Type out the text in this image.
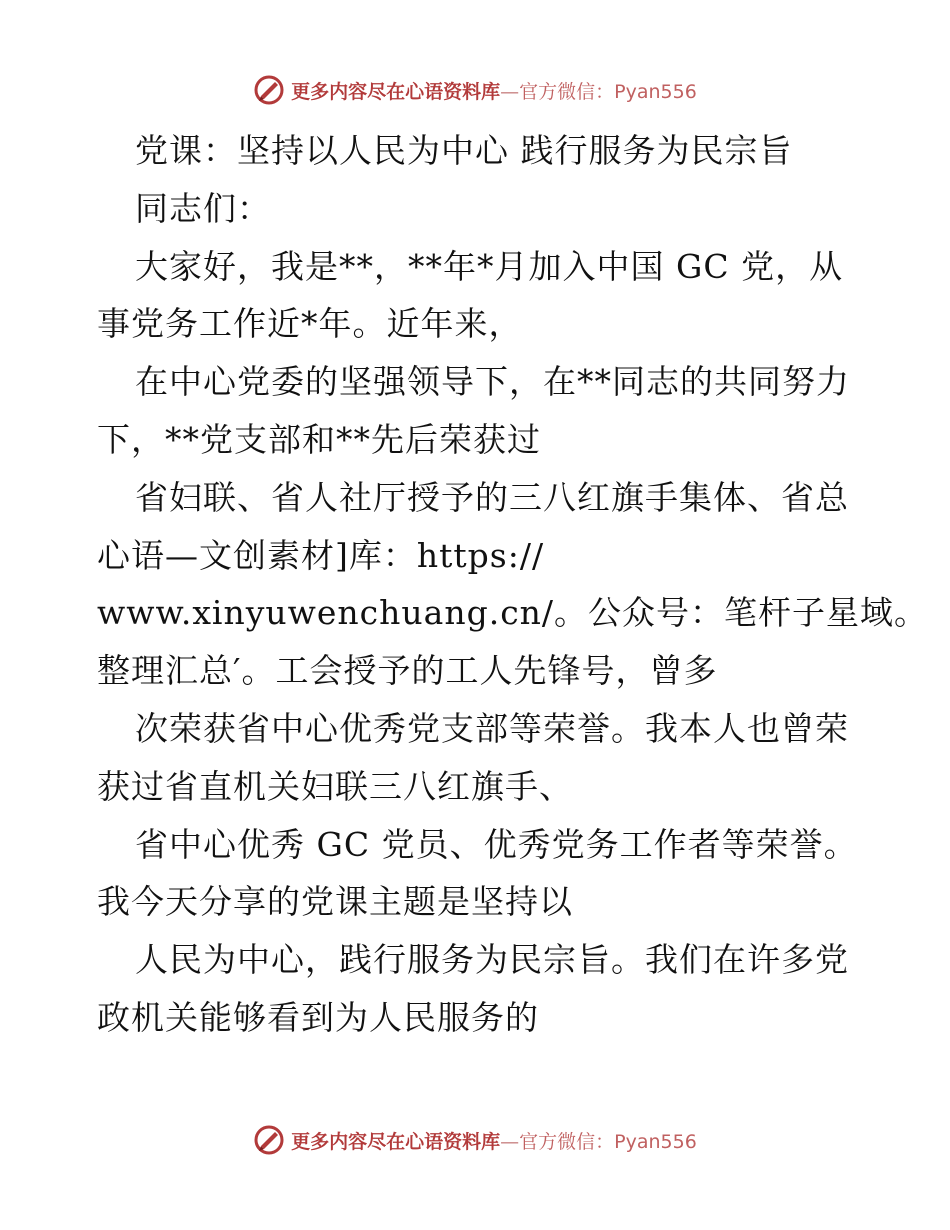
更多内容尽在心语资料库—官方微信：Pyan556
党课：坚持以人民为中心 践行服务为民宗旨
同志们：
大家好，我是**，**年*月加入中国 GC 党，从
事党务工作近*年。近年来，
在中心党委的坚强领导下，在**同志的共同努力
下，**党支部和**先后荣获过
省妇联、省人社厅授予的三八红旗手集体、省总
心语—文创素材]库：https://
www.xinyuwenchuang.cn/。公众号：笔杆子星域。
整理汇总′。工会授予的工人先锋号，曾多
次荣获省中心优秀党支部等荣誉。我本人也曾荣
获过省直机关妇联三八红旗手、
省中心优秀 GC 党员、优秀党务工作者等荣誉。
我今天分享的党课主题是坚持以
人民为中心，践行服务为民宗旨。我们在许多党
政机关能够看到为人民服务的
更多内容尽在心语资料库—官方微信：Pyan556
